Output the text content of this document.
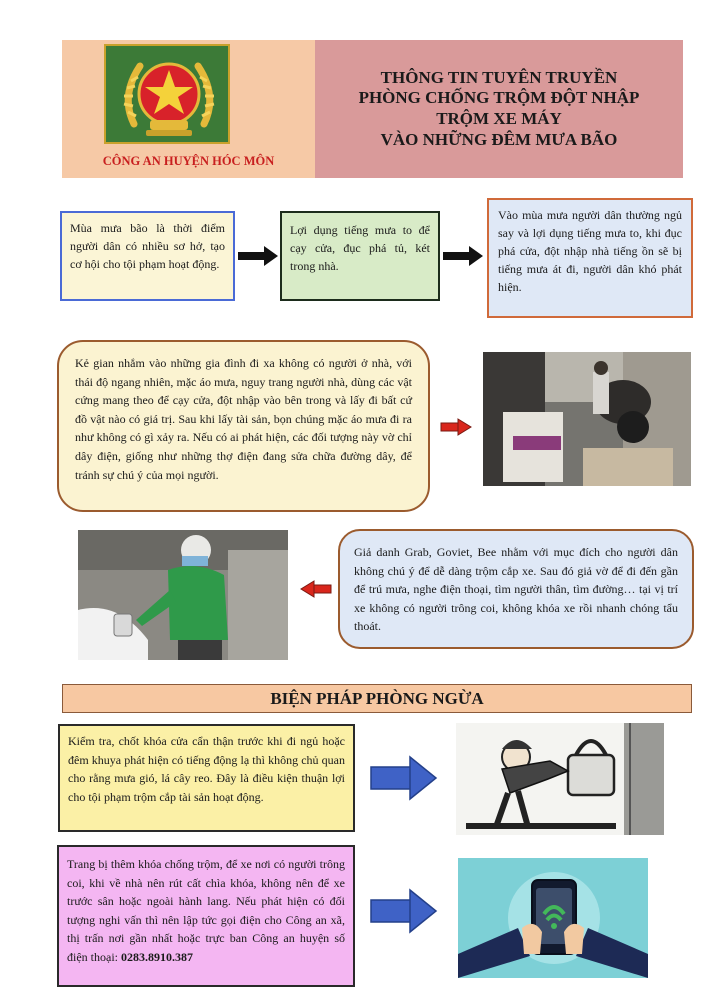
CÔNG AN HUYỆN HÓC MÔN
THÔNG TIN TUYÊN TRUYỀN
PHÒNG CHỐNG TRỘM ĐỘT NHẬP
TRỘM XE MÁY
VÀO NHỮNG ĐÊM MƯA BÃO
Mùa mưa bão là thời điểm người dân có nhiều sơ hở, tạo cơ hội cho tội phạm hoạt động.
Lợi dụng tiếng mưa to để cạy cửa, đục phá tủ, két trong nhà.
Vào mùa mưa người dân thường ngủ say và lợi dụng tiếng mưa to, khi đục phá cửa, đột nhập nhà tiếng ồn sẽ bị tiếng mưa át đi, người dân khó phát hiện.
Kẻ gian nhắm vào những gia đình đi xa không có người ở nhà, với thái độ ngang nhiên, mặc áo mưa, nguy trang người nhà, dùng các vật cứng mang theo để cạy cửa, đột nhập vào bên trong và lấy đi bất cứ đồ vật nào có giá trị. Sau khi lấy tài sản, bọn chúng mặc áo mưa đi ra như không có gì xảy ra. Nếu có ai phát hiện, các đối tượng này vờ chỉ dây điện, giống như những thợ điện đang sửa chữa đường dây, để tránh sự chú ý của mọi người.
Giả danh Grab, Goviet, Bee nhằm với mục đích cho người dân không chú ý để dễ dàng trộm cắp xe. Sau đó giả vờ để đi đến gần để trú mưa, nghe điện thoại, tìm người thân, tìm đường… tại vị trí xe không có người trông coi, không khóa xe rồi nhanh chóng tẩu thoát.
BIỆN PHÁP PHÒNG NGỪA
Kiểm tra, chốt khóa cửa cẩn thận trước khi đi ngủ hoặc đêm khuya phát hiện có tiếng động lạ thì không chủ quan cho rằng mưa gió, lá cây reo. Đây là điều kiện thuận lợi cho tội phạm trộm cắp tài sản hoạt động.
Trang bị thêm khóa chống trộm, để xe nơi có người trông coi, khi về nhà nên rút cất chìa khóa, không nên để xe trước sân hoặc ngoài hành lang. Nếu phát hiện có đối tượng nghi vấn thì nên lập tức gọi điện cho Công an xã, thị trấn nơi gần nhất hoặc trực ban Công an huyện số điện thoại: 0283.8910.387
